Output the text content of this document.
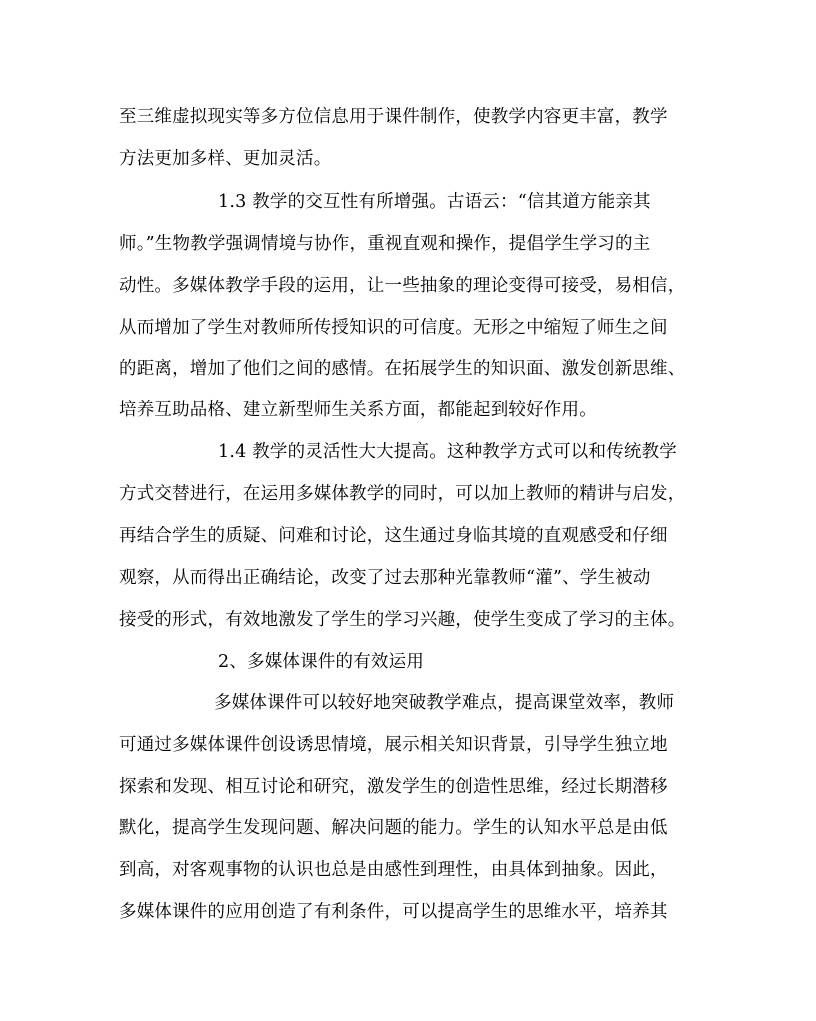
至三维虚拟现实等多方位信息用于课件制作，使教学内容更丰富，教学
方法更加多样、更加灵活。
1.3 教学的交互性有所增强。古语云：“信其道方能亲其
师。”生物教学强调情境与协作，重视直观和操作，提倡学生学习的主
动性。多媒体教学手段的运用，让一些抽象的理论变得可接受，易相信，
从而增加了学生对教师所传授知识的可信度。无形之中缩短了师生之间
的距离，增加了他们之间的感情。在拓展学生的知识面、激发创新思维、
培养互助品格、建立新型师生关系方面，都能起到较好作用。
1.4 教学的灵活性大大提高。这种教学方式可以和传统教学
方式交替进行，在运用多媒体教学的同时，可以加上教师的精讲与启发，
再结合学生的质疑、问难和讨论，这生通过身临其境的直观感受和仔细
观察，从而得出正确结论，改变了过去那种光靠教师“灌”、学生被动
接受的形式，有效地激发了学生的学习兴趣，使学生变成了学习的主体。
2、多媒体课件的有效运用
多媒体课件可以较好地突破教学难点，提高课堂效率，教师
可通过多媒体课件创设诱思情境，展示相关知识背景，引导学生独立地
探索和发现、相互讨论和研究，激发学生的创造性思维，经过长期潜移
默化，提高学生发现问题、解决问题的能力。学生的认知水平总是由低
到高，对客观事物的认识也总是由感性到理性，由具体到抽象。因此，
多媒体课件的应用创造了有利条件，可以提高学生的思维水平，培养其
